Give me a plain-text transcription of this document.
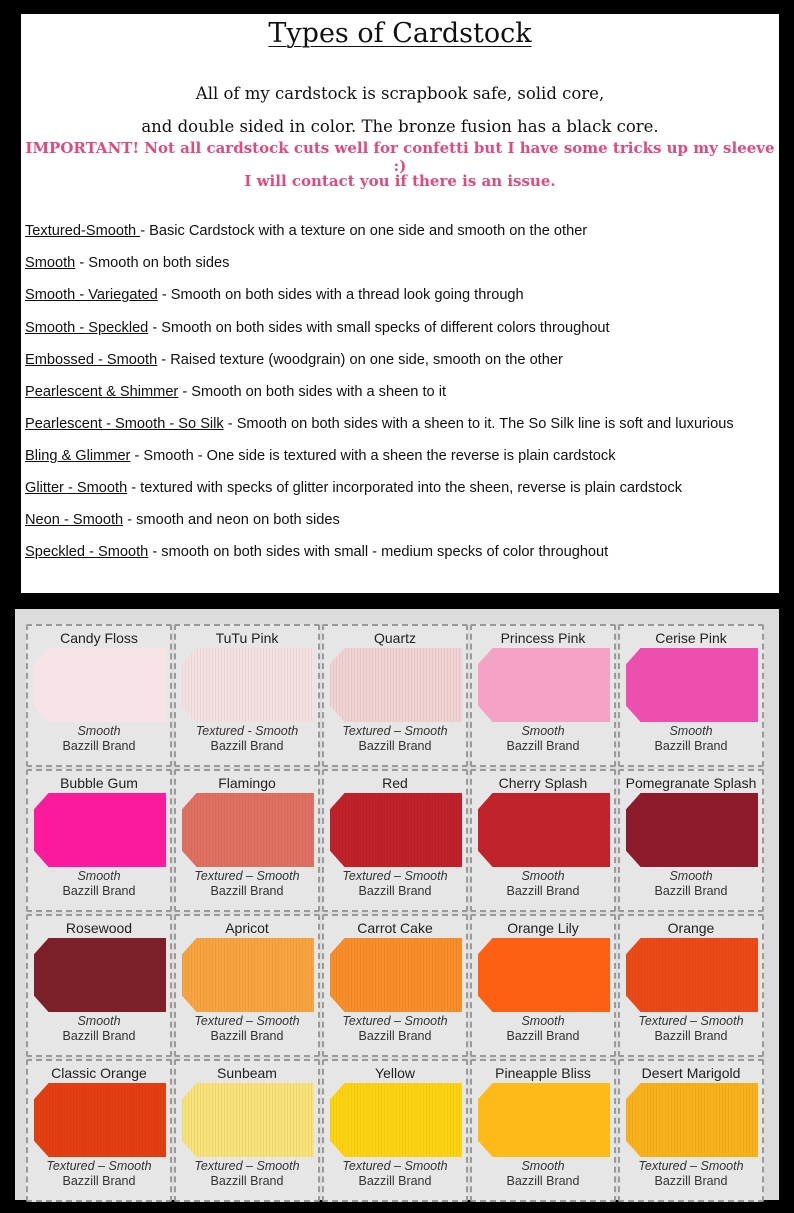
Types of Cardstock
All of my cardstock is scrapbook safe, solid core,
and double sided in color. The bronze fusion has a black core.
IMPORTANT! Not all cardstock cuts well for confetti but I have some tricks up my sleeve :)
I will contact you if there is an issue.
Textured-Smooth - Basic Cardstock with a texture on one side and smooth on the other
Smooth - Smooth on both sides
Smooth - Variegated - Smooth on both sides with a thread look going through
Smooth - Speckled - Smooth on both sides with small specks of different colors throughout
Embossed - Smooth - Raised texture (woodgrain) on one side, smooth on the other
Pearlescent & Shimmer - Smooth on both sides with a sheen to it
Pearlescent - Smooth - So Silk - Smooth on both sides with a sheen to it. The So Silk line is soft and luxurious
Bling & Glimmer - Smooth - One side is textured with a sheen the reverse is plain cardstock
Glitter - Smooth - textured with specks of glitter incorporated into the sheen, reverse is plain cardstock
Neon - Smooth - smooth and neon on both sides
Speckled - Smooth - smooth on both sides with small - medium specks of color throughout
Candy Floss
Smooth
Bazzill Brand
TuTu Pink
Textured - Smooth
Bazzill Brand
Quartz
Textured – Smooth
Bazzill Brand
Princess Pink
Smooth
Bazzill Brand
Cerise Pink
Smooth
Bazzill Brand
Bubble Gum
Smooth
Bazzill Brand
Flamingo
Textured – Smooth
Bazzill Brand
Red
Textured – Smooth
Bazzill Brand
Cherry Splash
Smooth
Bazzill Brand
Pomegranate Splash
Smooth
Bazzill Brand
Rosewood
Smooth
Bazzill Brand
Apricot
Textured – Smooth
Bazzill Brand
Carrot Cake
Textured – Smooth
Bazzill Brand
Orange Lily
Smooth
Bazzill Brand
Orange
Textured – Smooth
Bazzill Brand
Classic Orange
Textured – Smooth
Bazzill Brand
Sunbeam
Textured – Smooth
Bazzill Brand
Yellow
Textured – Smooth
Bazzill Brand
Pineapple Bliss
Smooth
Bazzill Brand
Desert Marigold
Textured – Smooth
Bazzill Brand
